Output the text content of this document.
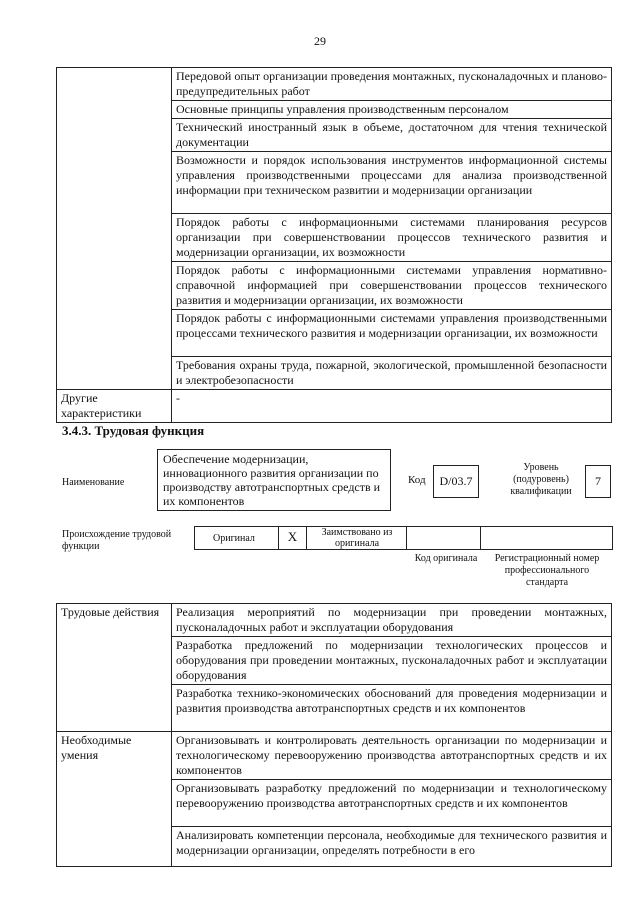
29
	Передовой опыт организации проведения монтажных, пусконаладочных и планово-предупредительных работ
	Основные принципы управления производственным персоналом
	Технический иностранный язык в объеме, достаточном для чтения технической документации
	Возможности и порядок использования инструментов информационной системы управления производственными процессами для анализа производственной информации при техническом развитии и модернизации организации
	Порядок работы с информационными системами планирования ресурсов организации при совершенствовании процессов технического развития и модернизации организации, их возможности
	Порядок работы с информационными системами управления нормативно-справочной информацией при совершенствовании процессов технического развития и модернизации организации, их возможности
	Порядок работы с информационными системами управления производственными процессами технического развития и модернизации организации, их возможности
	Требования охраны труда, пожарной, экологической, промышленной безопасности и электробезопасности
Другие характеристики	-
3.4.3. Трудовая функция
Наименование
Обеспечение модернизации, инновационного развития организации по производству автотранспортных средств и их компонентов
Код	D/03.7
Уровень (подуровень) квалификации
7
Происхождение трудовой функции
Оригинал	X	Заимствовано из оригинала
Код оригинала	Регистрационный номер профессионального стандарта
Трудовые действия	Реализация мероприятий по модернизации при проведении монтажных, пусконаладочных работ и эксплуатации оборудования
	Разработка предложений по модернизации технологических процессов и оборудования при проведении монтажных, пусконаладочных работ и эксплуатации оборудования
	Разработка технико-экономических обоснований для проведения модернизации и развития производства автотранспортных средств и их компонентов
Необходимые умения	Организовывать и контролировать деятельность организации по модернизации и технологическому перевооружению производства автотранспортных средств и их компонентов
	Организовывать разработку предложений по модернизации и технологическому перевооружению производства автотранспортных средств и их компонентов
	Анализировать компетенции персонала, необходимые для технического развития и модернизации организации, определять потребности в его
